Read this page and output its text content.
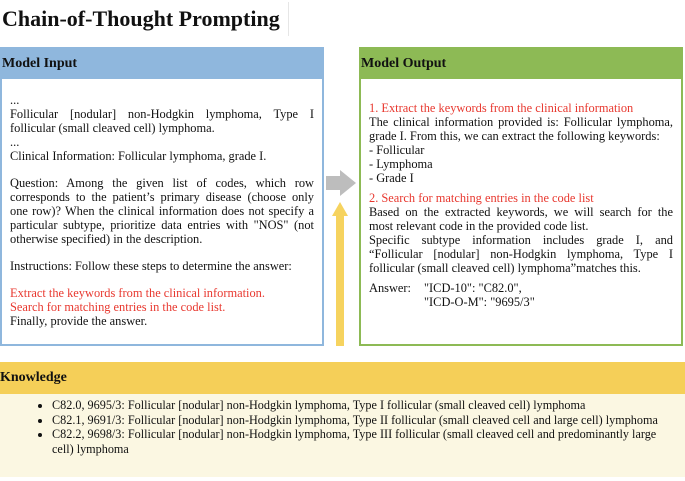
Chain-of-Thought Prompting
Model Input

...

Follicular [nodular] non-Hodgkin lymphoma, Type I follicular (small cleaved cell) lymphoma.

...

Clinical Information: Follicular lymphoma, grade I.

Question: Among the given list of codes, which row corresponds to the patient’s primary disease (choose only one row)? When the clinical information does not specify a particular subtype, prioritize data entries with "NOS" (not otherwise specified) in the description.

Instructions: Follow these steps to determine the answer:

Extract the keywords from the clinical information.

Search for matching entries in the code list.

Finally, provide the answer.

Model Output

1. Extract the keywords from the clinical information

The clinical information provided is: Follicular lymphoma, grade I. From this, we can extract the following keywords:

- Follicular

- Lymphoma

- Grade I

2. Search for matching entries in the code list

Based on the extracted keywords, we will search for the most relevant code in the provided code list.

Specific subtype information includes grade I, and “Follicular [nodular] non-Hodgkin lymphoma, Type I follicular (small cleaved cell) lymphoma”matches this.

Answer:	"ICD-10": "C82.0",

"ICD-O-M": "9695/3"

Knowledge
• C82.0, 9695/3: Follicular [nodular] non-Hodgkin lymphoma, Type I follicular (small cleaved cell) lymphoma
• C82.1, 9691/3: Follicular [nodular] non-Hodgkin lymphoma, Type II follicular (small cleaved cell and large cell) lymphoma
• C82.2, 9698/3: Follicular [nodular] non-Hodgkin lymphoma, Type III follicular (small cleaved cell and predominantly large cell) lymphoma
